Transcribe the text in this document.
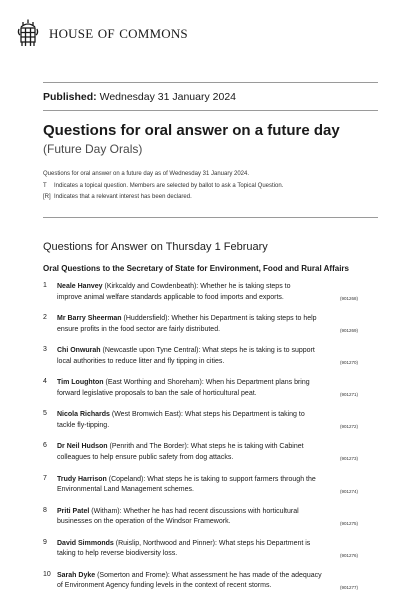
HOUSE OF COMMONS
Published: Wednesday 31 January 2024
Questions for oral answer on a future day
(Future Day Orals)
Questions for oral answer on a future day as of Wednesday 31 January 2024.
T Indicates a topical question. Members are selected by ballot to ask a Topical Question.
[R] Indicates that a relevant interest has been declared.
Questions for Answer on Thursday 1 February
Oral Questions to the Secretary of State for Environment, Food and Rural Affairs
1 Neale Hanvey (Kirkcaldy and Cowdenbeath): Whether he is taking steps to
improve animal welfare standards applicable to food imports and exports.	(901268)
2 Mr Barry Sheerman (Huddersfield): Whether his Department is taking steps to help
ensure profits in the food sector are fairly distributed.	(901269)
3 Chi Onwurah (Newcastle upon Tyne Central): What steps he is taking is to support
local authorities to reduce litter and fly tipping in cities.	(901270)
4 Tim Loughton (East Worthing and Shoreham): When his Department plans bring
forward legislative proposals to ban the sale of horticultural peat.	(901271)
5 Nicola Richards (West Bromwich East): What steps his Department is taking to
tackle fly-tipping.	(901272)
6 Dr Neil Hudson (Penrith and The Border): What steps he is taking with Cabinet
colleagues to help ensure public safety from dog attacks.	(901273)
7 Trudy Harrison (Copeland): What steps he is taking to support farmers through the
Environmental Land Management schemes.	(901274)
8 Priti Patel (Witham): Whether he has had recent discussions with horticultural
businesses on the operation of the Windsor Framework.	(901275)
9 David Simmonds (Ruislip, Northwood and Pinner): What steps his Department is
taking to help reverse biodiversity loss.	(901276)
10 Sarah Dyke (Somerton and Frome): What assessment he has made of the adequacy
of Environment Agency funding levels in the context of recent storms.	(901277)
